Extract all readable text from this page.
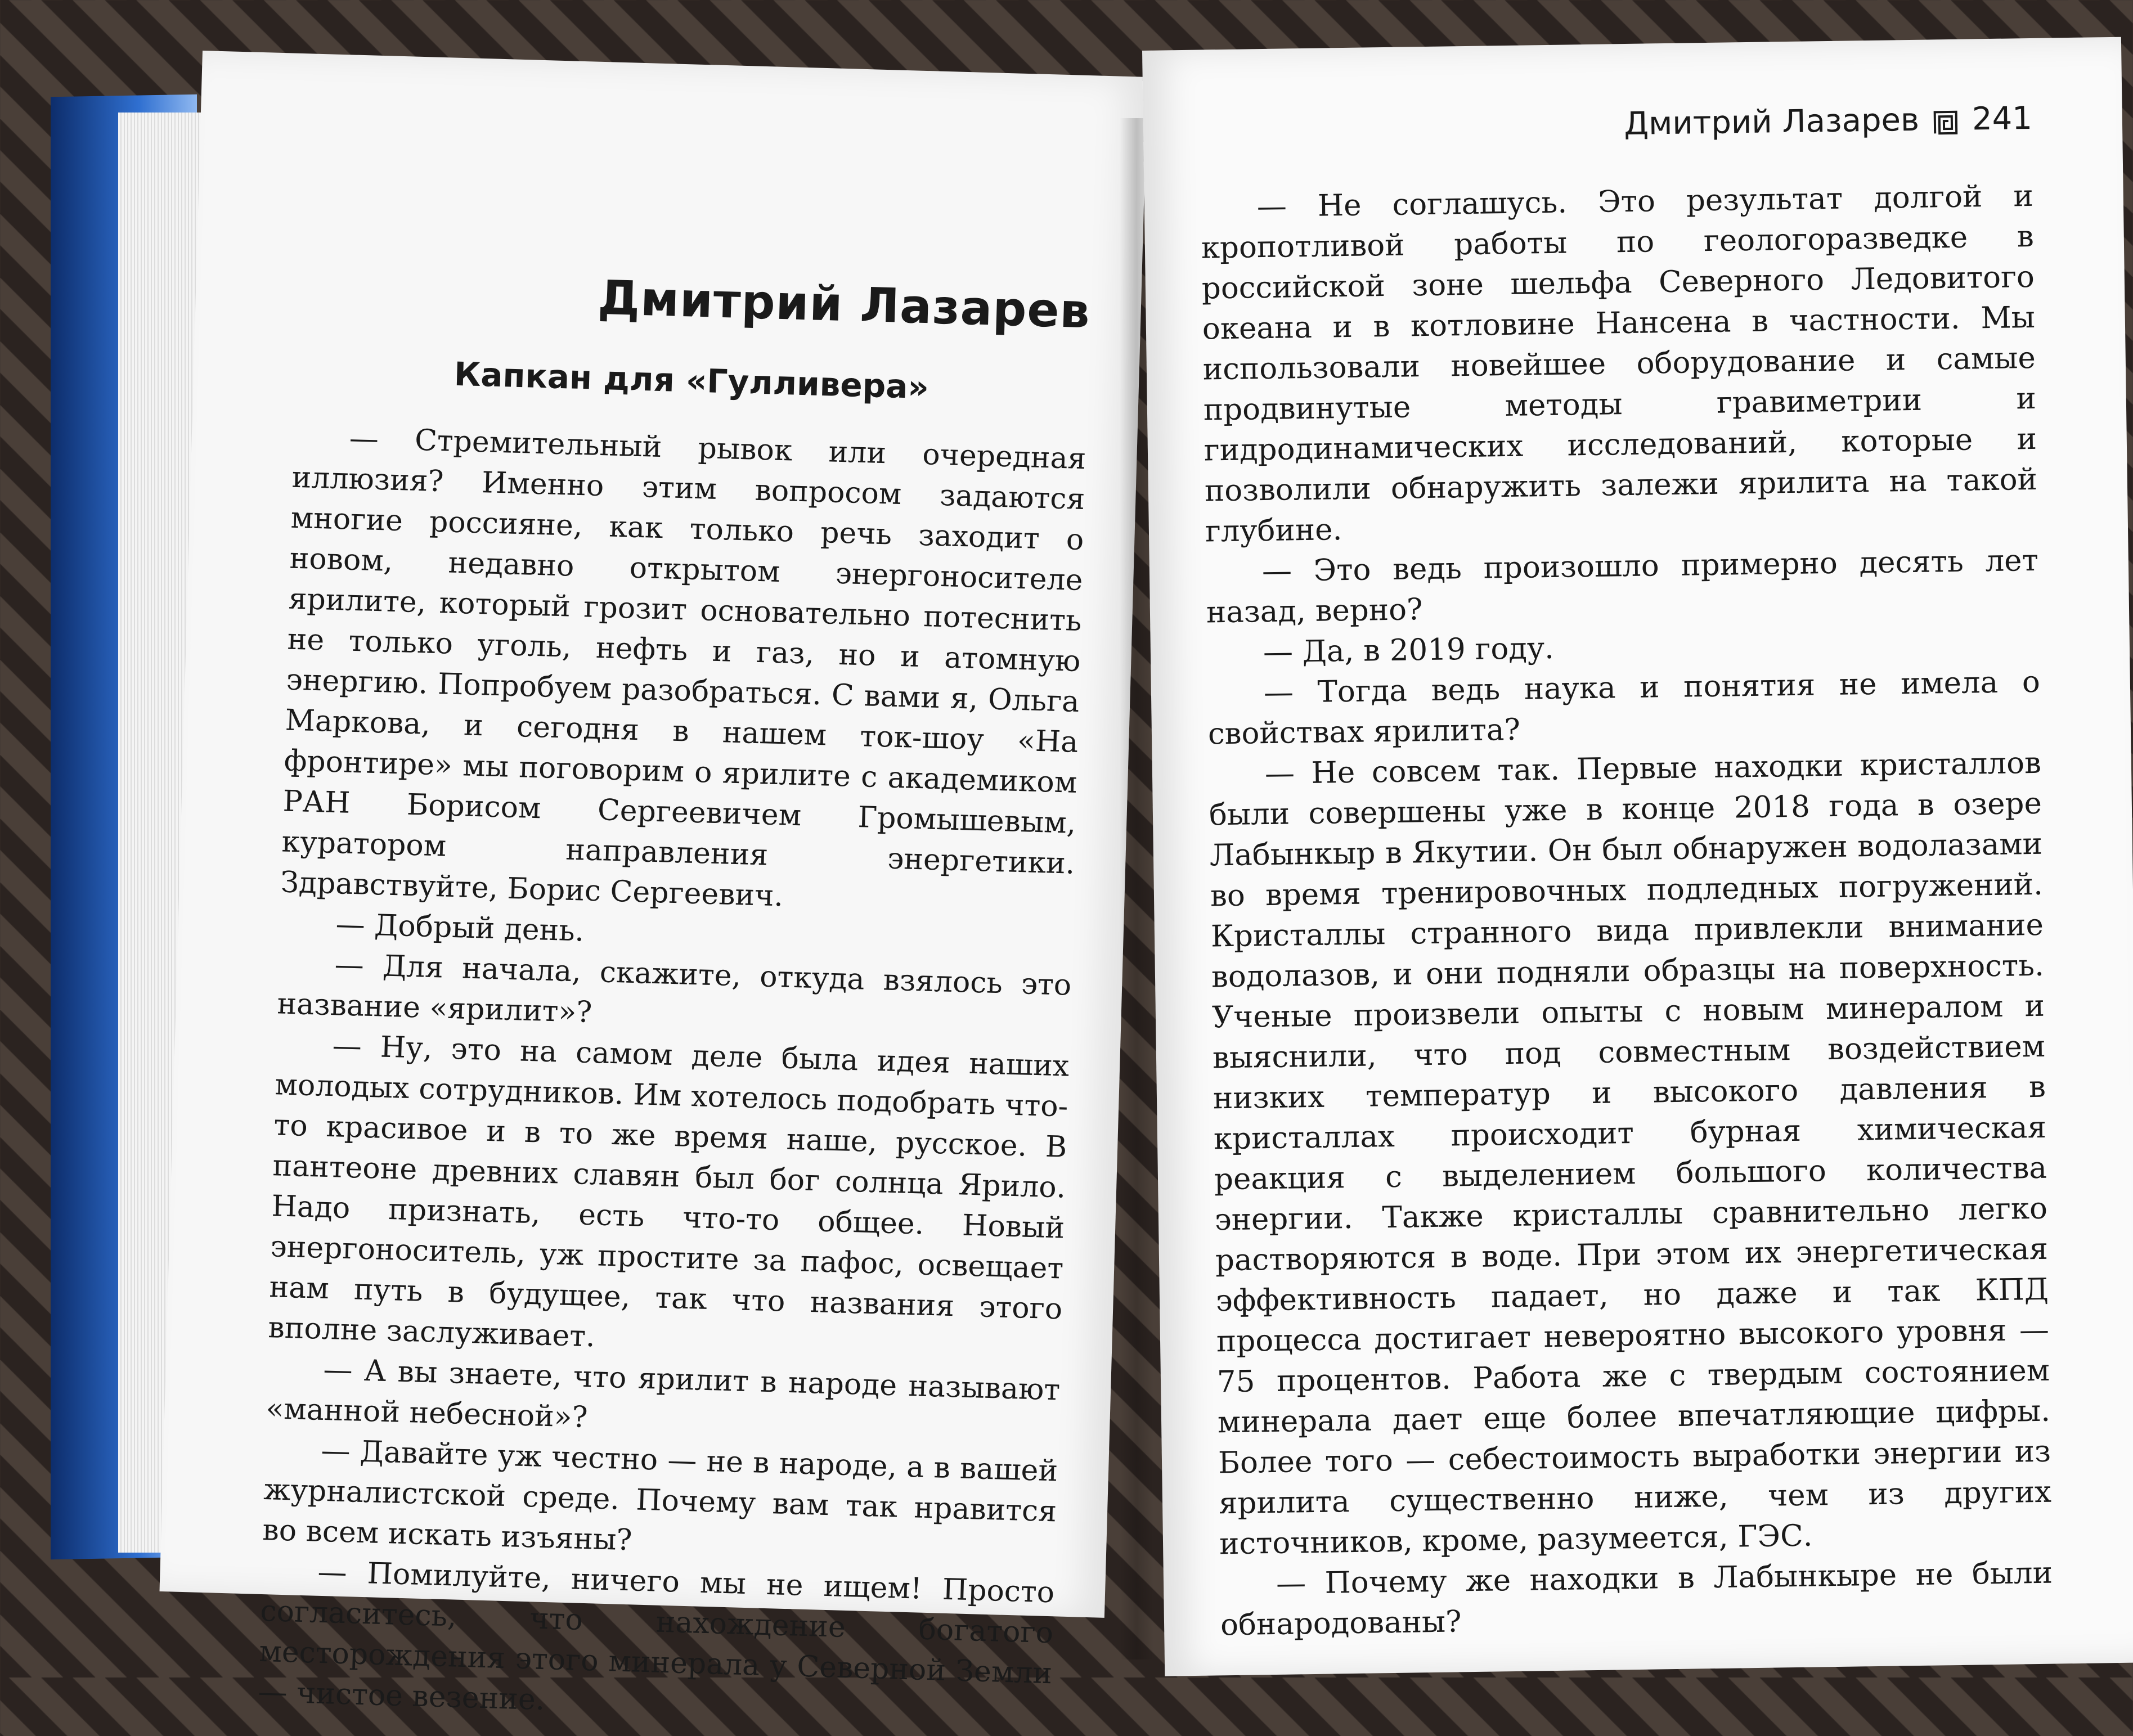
Дмитрий Лазарев
Капкан для «Гулливера»

— Стремительный рывок или очередная иллюзия? Именно этим вопросом задаются многие россияне, как только речь заходит о новом, недавно открытом энергоносителе ярилите, который грозит основательно потеснить не только уголь, нефть и газ, но и атомную энергию. Попробуем разобраться. С вами я, Ольга Маркова, и сегодня в нашем ток-шоу «На фронтире» мы поговорим о ярилите с академиком РАН Борисом Сергеевичем Громышевым, куратором направления энергетики. Здравствуйте, Борис Сергеевич.

— Добрый день.

— Для начала, скажите, откуда взялось это название «ярилит»?

— Ну, это на самом деле была идея наших молодых сотрудников. Им хотелось подобрать что-то красивое и в то же время наше, русское. В пантеоне древних славян был бог солнца Ярило. Надо признать, есть что-то общее. Новый энергоноситель, уж простите за пафос, освещает нам путь в будущее, так что названия этого вполне заслуживает.

— А вы знаете, что ярилит в народе называют «манной небесной»?

— Давайте уж честно — не в народе, а в вашей журналистской среде. Почему вам так нравится во всем искать изъяны?

— Помилуйте, ничего мы не ищем! Просто согласитесь, что нахождение богатого месторождения этого минерала у Северной Земли — чистое везение.

Дмитрий Лазарев 241

— Не соглашусь. Это результат долгой и кропотливой работы по геологоразведке в российской зоне шельфа Северного Ледовитого океана и в котловине Нансена в частности. Мы использовали новейшее оборудование и самые продвинутые методы гравиметрии и гидродинамических исследований, которые и позволили обнаружить залежи ярилита на такой глубине.

— Это ведь произошло примерно десять лет назад, верно?

— Да, в 2019 году.

— Тогда ведь наука и понятия не имела о свойствах ярилита?

— Не совсем так. Первые находки кристаллов были совершены уже в конце 2018 года в озере Лабынкыр в Якутии. Он был обнаружен водолазами во время тренировочных подледных погружений. Кристаллы странного вида привлекли внимание водолазов, и они подняли образцы на поверхность. Ученые произвели опыты с новым минералом и выяснили, что под совместным воздействием низких температур и высокого давления в кристаллах происходит бурная химическая реакция с выделением большого количества энергии. Также кристаллы сравнительно легко растворяются в воде. При этом их энергетическая эффективность падает, но даже и так КПД процесса достигает невероятно высокого уровня — 75 процентов. Работа же с твердым состоянием минерала дает еще более впечатляющие цифры. Более того — себестоимость выработки энергии из ярилита существенно ниже, чем из других источников, кроме, разумеется, ГЭС.

— Почему же находки в Лабынкыре не были обнародованы?
